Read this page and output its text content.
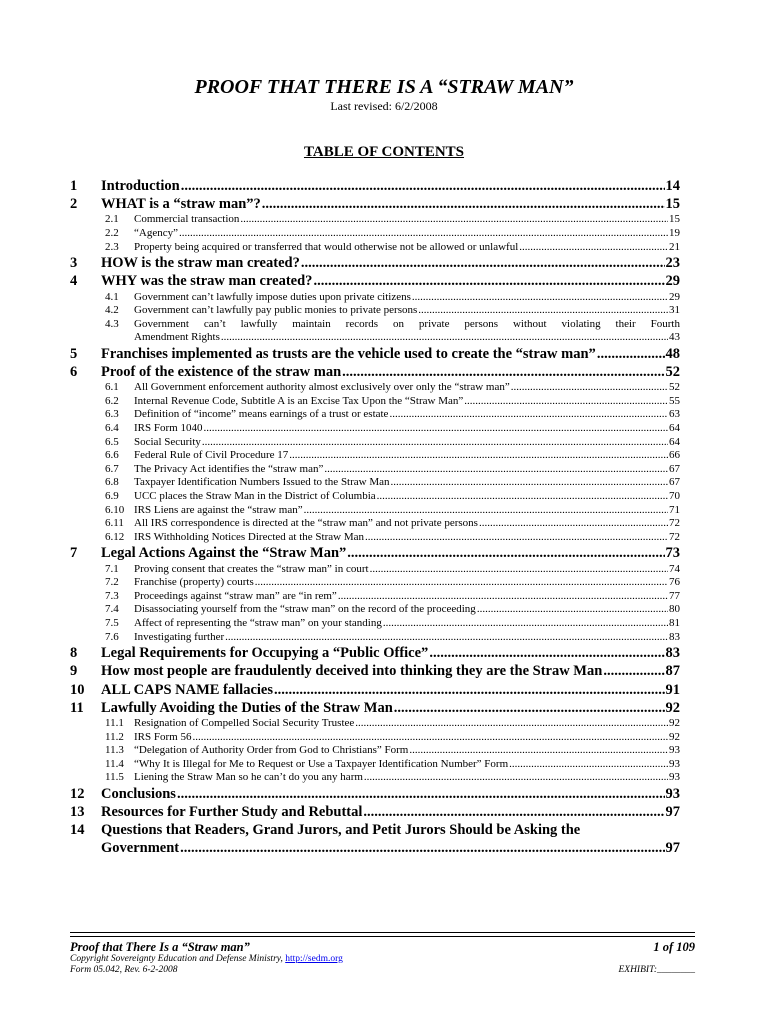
PROOF THAT THERE IS A “STRAW MAN”
Last revised: 6/2/2008
TABLE OF CONTENTS
1 Introduction .....	14
2 WHAT is a “straw man”? .....	15
2.1 Commercial transaction .....	15
2.2 “Agency” .....	19
2.3 Property being acquired or transferred that would otherwise not be allowed or unlawful .....	21
3 HOW is the straw man created? .....	23
4 WHY was the straw man created? .....	29
4.1 Government can’t lawfully impose duties upon private citizens .....	29
4.2 Government can’t lawfully pay public monies to private persons .....	31
4.3 Government can’t lawfully maintain records on private persons without violating their Fourth
Amendment Rights .....	43
5 Franchises implemented as trusts are the vehicle used to create the “straw man” .....	48
6 Proof of the existence of the straw man .....	52
6.1 All Government enforcement authority almost exclusively over only the “straw man” .....	52
6.2 Internal Revenue Code, Subtitle A is an Excise Tax Upon the “Straw Man” .....	55
6.3 Definition of “income” means earnings of a trust or estate .....	63
6.4 IRS Form 1040 .....	64
6.5 Social Security .....	64
6.6 Federal Rule of Civil Procedure 17 .....	66
6.7 The Privacy Act identifies the “straw man” .....	67
6.8 Taxpayer Identification Numbers Issued to the Straw Man .....	67
6.9 UCC places the Straw Man in the District of Columbia .....	70
6.10 IRS Liens are against the “straw man” .....	71
6.11 All IRS correspondence is directed at the “straw man” and not private persons .....	72
6.12 IRS Withholding Notices Directed at the Straw Man .....	72
7 Legal Actions Against the “Straw Man” .....	73
7.1 Proving consent that creates the “straw man” in court .....	74
7.2 Franchise (property) courts .....	76
7.3 Proceedings against “straw man” are “in rem” .....	77
7.4 Disassociating yourself from the “straw man” on the record of the proceeding .....	80
7.5 Affect of representing the “straw man” on your standing .....	81
7.6 Investigating further .....	83
8 Legal Requirements for Occupying a “Public Office” .....	83
9 How most people are fraudulently deceived into thinking they are the Straw Man .....	87
10 ALL CAPS NAME fallacies .....	91
11 Lawfully Avoiding the Duties of the Straw Man .....	92
11.1 Resignation of Compelled Social Security Trustee .....	92
11.2 IRS Form 56 .....	92
11.3 “Delegation of Authority Order from God to Christians” Form .....	93
11.4 “Why It is Illegal for Me to Request or Use a Taxpayer Identification Number” Form .....	93
11.5 Liening the Straw Man so he can’t do you any harm .....	93
12 Conclusions .....	93
13 Resources for Further Study and Rebuttal .....	97
14 Questions that Readers, Grand Jurors, and Petit Jurors Should be Asking the
Government .....	97
Proof that There Is a “Straw man”	1 of 109
Copyright Sovereignty Education and Defense Ministry, http://sedm.org
Form 05.042, Rev. 6-2-2008	EXHIBIT:________
